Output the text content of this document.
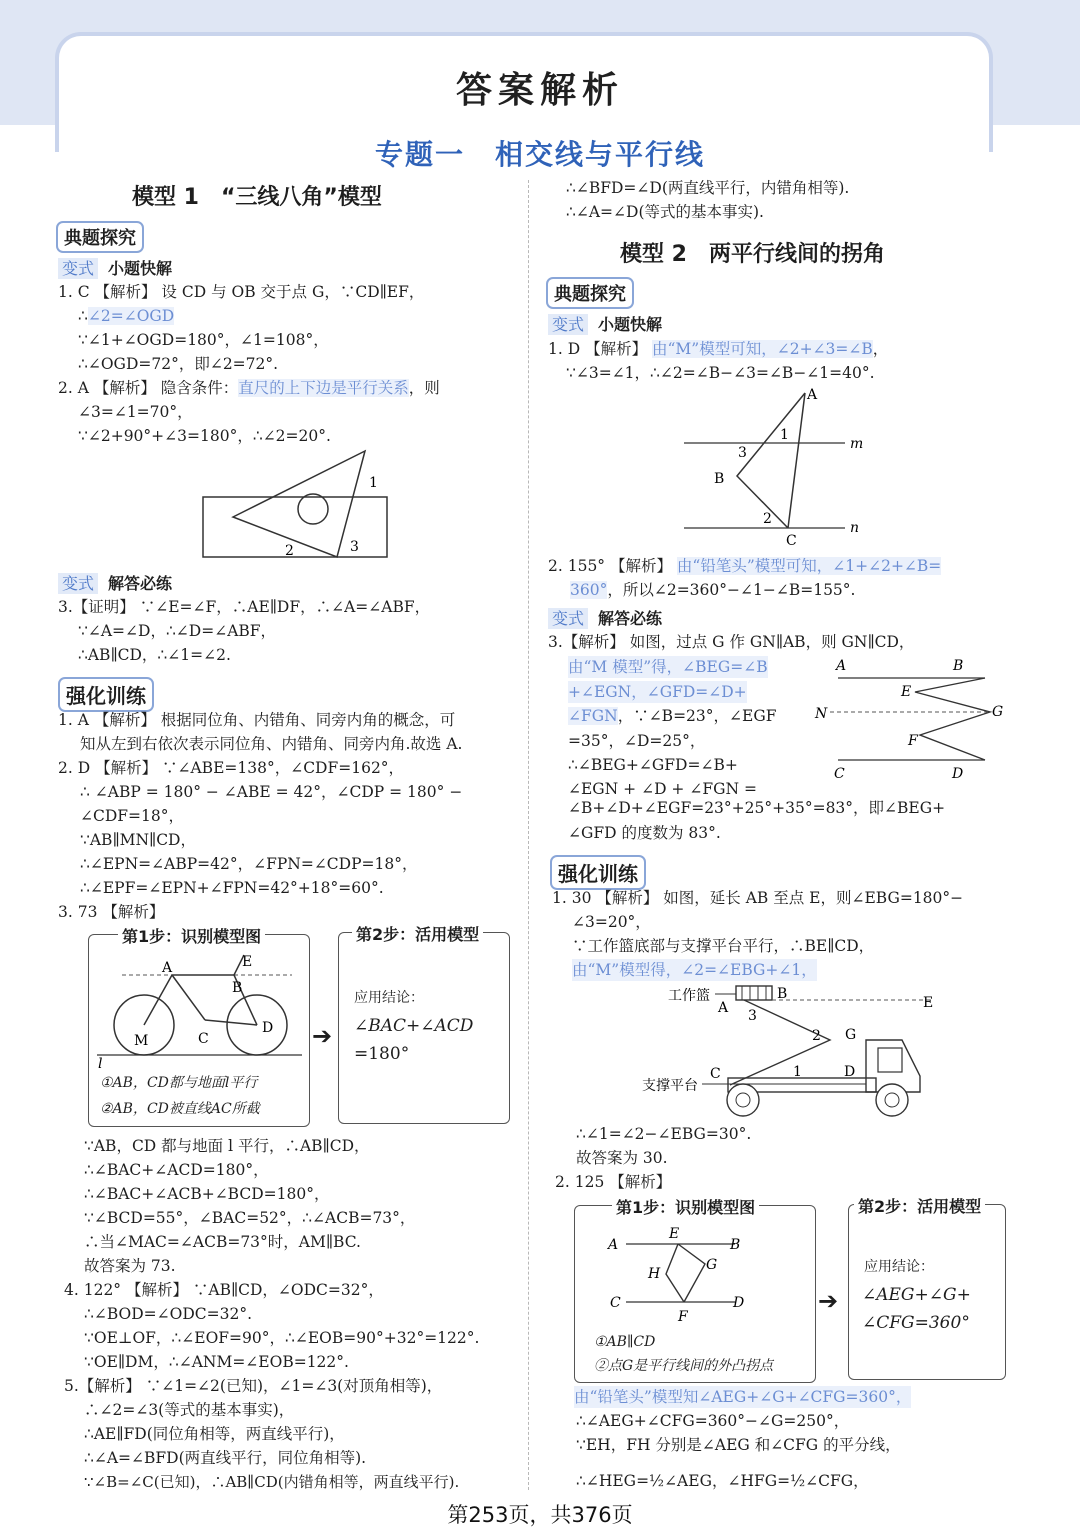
答案解析
专题一　相交线与平行线
模型 1　“三线八角”模型
典题探究
变式 小题快解
1. C 【解析】 设 CD 与 OB 交于点 G，∵CD∥EF，
∴∠2=∠OGD
∵∠1+∠OGD=180°，∠1=108°，
∴∠OGD=72°，即∠2=72°.
2. A 【解析】 隐含条件：直尺的上下边是平行关系，则
∠3=∠1=70°，
∵∠2+90°+∠3=180°，∴∠2=20°.
1
2	3
变式 解答必练
3.【证明】 ∵∠E=∠F，∴AE∥DF，∴∠A=∠ABF，
∵∠A=∠D，∴∠D=∠ABF，
∴AB∥CD，∴∠1=∠2.
强化训练
1. A 【解析】 根据同位角、内错角、同旁内角的概念，可
知从左到右依次表示同位角、内错角、同旁内角.故选 A.
2. D 【解析】 ∵∠ABE=138°，∠CDF=162°，
∴ ∠ABP = 180° − ∠ABE = 42°，∠CDP = 180° −
∠CDF=18°，
∵AB∥MN∥CD，
∴∠EPN=∠ABP=42°，∠FPN=∠CDP=18°，
∴∠EPF=∠EPN+∠FPN=42°+18°=60°.
3. 73 【解析】
第1步：识别模型图
A	E
B
C
D
M
l
①AB，CD都与地面l平行
②AB，CD被直线AC所截
➔
第2步：活用模型
应用结论：
∠BAC+∠ACD
=180°
∵AB，CD 都与地面 l 平行，∴AB∥CD，
∴∠BAC+∠ACD=180°，
∴∠BAC+∠ACB+∠BCD=180°，
∵∠BCD=55°，∠BAC=52°，∴∠ACB=73°，
∴当∠MAC=∠ACB=73°时，AM∥BC.
故答案为 73.
4. 122° 【解析】 ∵AB∥CD，∠ODC=32°，
∴∠BOD=∠ODC=32°.
∵OE⊥OF，∴∠EOF=90°，∴∠EOB=90°+32°=122°.
∵OE∥DM，∴∠ANM=∠EOB=122°.
5.【解析】 ∵∠1=∠2(已知)，∠1=∠3(对顶角相等)，
∴∠2=∠3(等式的基本事实)，
∴AE∥FD(同位角相等，两直线平行)，
∴∠A=∠BFD(两直线平行，同位角相等).
∵∠B=∠C(已知)，∴AB∥CD(内错角相等，两直线平行).
∴∠BFD=∠D(两直线平行，内错角相等).
∴∠A=∠D(等式的基本事实).
模型 2　两平行线间的拐角
典题探究
变式 小题快解
1. D 【解析】 由“M”模型可知，∠2+∠3=∠B，
∵∠3=∠1，∴∠2=∠B−∠3=∠B−∠1=40°.
A
1
3
B
2
C
m
n
2. 155° 【解析】 由“铅笔头”模型可知，∠1+∠2+∠B=
360°，所以∠2=360°−∠1−∠B=155°.
变式 解答必练
3.【解析】 如图，过点 G 作 GN∥AB，则 GN∥CD，
由“M 模型”得，∠BEG=∠B
+∠EGN，∠GFD=∠D+
∠FGN，∵∠B=23°，∠EGF
=35°，∠D=25°，
∴∠BEG+∠GFD=∠B+
∠EGN + ∠D + ∠FGN =
∠B+∠D+∠EGF=23°+25°+35°=83°，即∠BEG+
∠GFD 的度数为 83°.
A	B
E
N	G
F
C	D
强化训练
1. 30 【解析】 如图，延长 AB 至点 E，则∠EBG=180°−
∠3=20°，
∵工作篮底部与支撑平台平行，∴BE∥CD，
由“M”模型得，∠2=∠EBG+∠1，
工作篮
A
B
E
3
2 G
支撑平台
C	1	D
∴∠1=∠2−∠EBG=30°.
故答案为 30.
2. 125 【解析】
第1步：识别模型图
A
E
B
H
G
C
F
D
①AB∥CD
②点G是平行线间的外凸拐点
➔
第2步：活用模型
应用结论：
∠AEG+∠G+
∠CFG=360°
由“铅笔头”模型知∠AEG+∠G+∠CFG=360°，
∴∠AEG+∠CFG=360°−∠G=250°，
∵EH，FH 分别是∠AEG 和∠CFG 的平分线，
∴∠HEG=½∠AEG，∠HFG=½∠CFG，
第253页，共376页
